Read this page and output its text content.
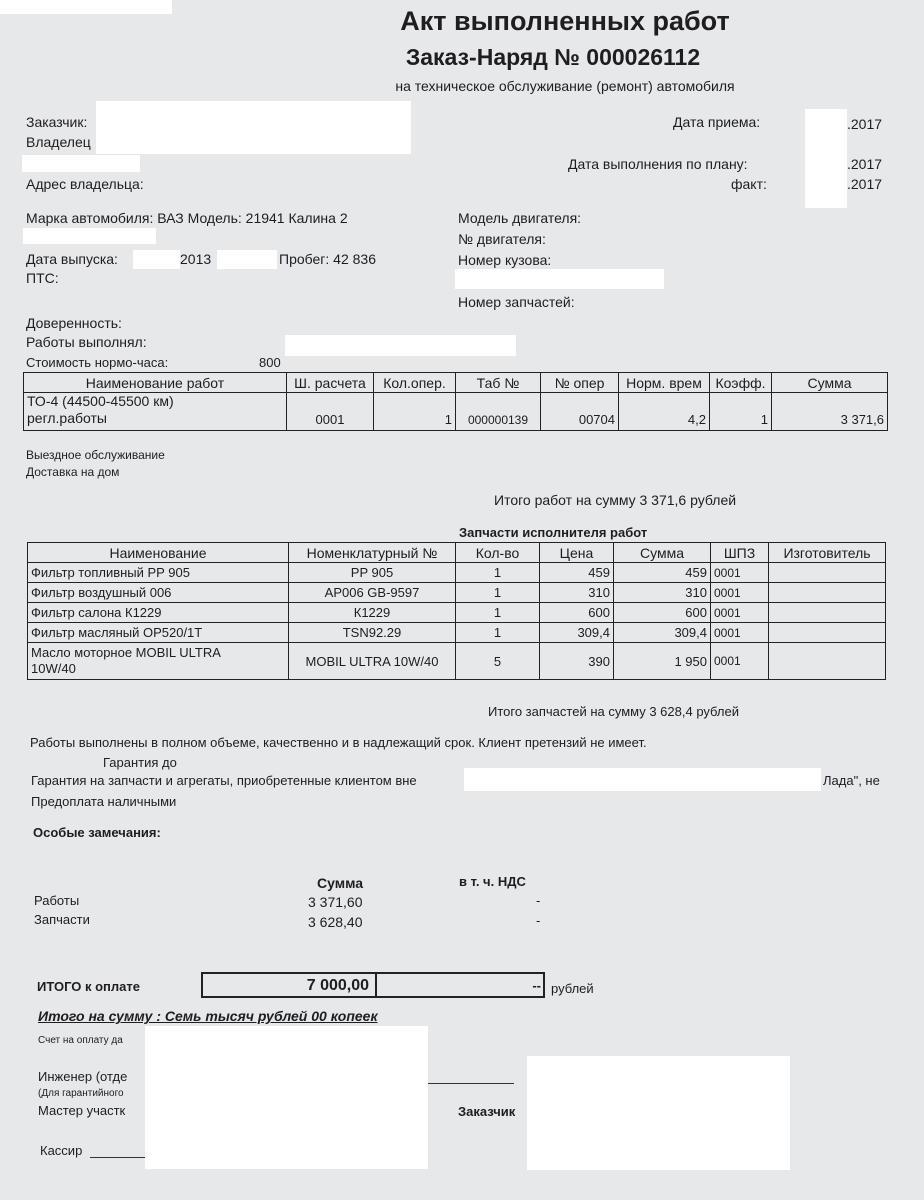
Акт выполненных работ
Заказ-Наряд № 000026112
на техническое обслуживание (ремонт) автомобиля
Заказчик:
Владелец
Адрес владельца:
Дата приема:	.2017
Дата выполнения по плану:	.2017
факт:	.2017
Марка автомобиля: ВАЗ Модель: 21941 Калина 2	Модель двигателя:
№ двигателя:
Дата выпуска:	2013	Пробег: 42 836	Номер кузова:
ПТС:
Номер запчастей:
Доверенность:
Работы выполнял:
Стоимость нормо-часа:	800
Наименование работ	Ш. расчета	Кол.опер.	Таб №	№ опер	Норм. врем	Коэфф.	Сумма

ТО-4 (44500-45500 км)
регл.работы	0001	1	000000139	00704	4,2	1	3 371,6
Выездное обслуживание
Доставка на дом
Итого работ на сумму 3 371,6 рублей
Запчасти исполнителя работ
Наименование	Номенклатурный №	Кол-во	Цена	Сумма	ШПЗ	Изготовитель
Фильтр топливный PP 905	PP 905	1	459	459	0001	
Фильтр воздушный 006	AP006 GB-9597	1	310	310	0001	
Фильтр салона К1229	К1229	1	600	600	0001	
Фильтр масляный OP520/1T	TSN92.29	1	309,4	309,4	0001	

Масло моторное MOBIL ULTRA
10W/40	MOBIL ULTRA 10W/40	5	390	1 950	0001	
Итого запчастей на сумму 3 628,4 рублей
Работы выполнены в полном объеме, качественно и в надлежащий срок. Клиент претензий не имеет.
Гарантия до
Гарантия на запчасти и агрегаты, приобретенные клиентом вне	Лада", не
Предоплата наличными
Особые замечания:
Сумма	в т. ч. НДС
Работы	3 371,60	-
Запчасти	3 628,40	-
ИТОГО к оплате	7 000,00	-- рублей
Итого на сумму : Семь тысяч рублей 00 копеек
Счет на оплату да
Инженер (отде
(Для гарантийного
Мастер участк	Заказчик
Кассир
